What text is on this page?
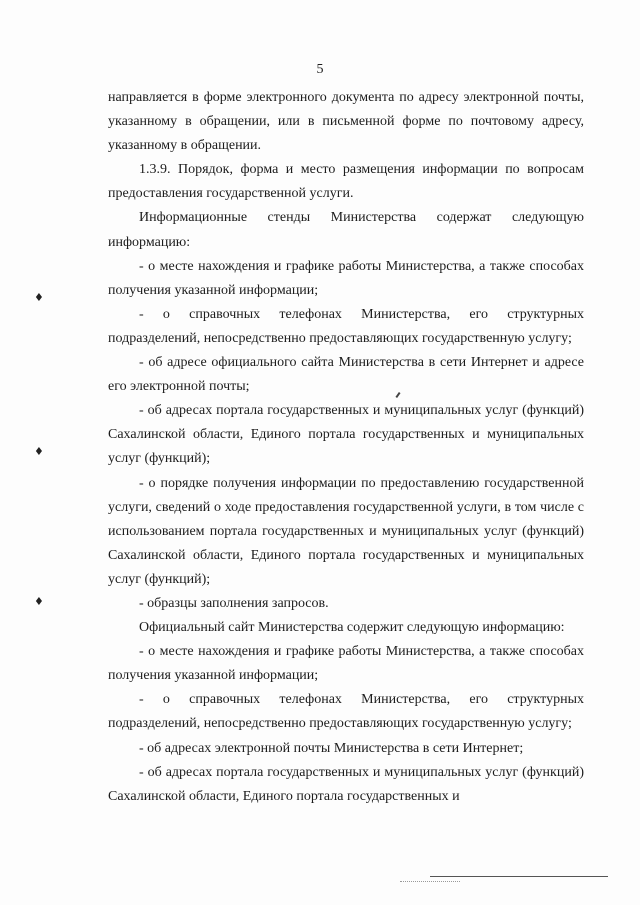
5

направляется в форме электронного документа по адресу электронной почты, указанному в обращении, или в письменной форме по почтовому адресу, указанному в обращении.

1.3.9. Порядок, форма и место размещения информации по вопросам предоставления государственной услуги.

Информационные стенды Министерства содержат следующую информацию:

- о месте нахождения и графике работы Министерства, а также способах получения указанной информации;

- о справочных телефонах Министерства, его структурных подразделений, непосредственно предоставляющих государственную услугу;

- об адресе официального сайта Министерства в сети Интернет и адресе его электронной почты;

- об адресах портала государственных и муниципальных услуг (функций) Сахалинской области, Единого портала государственных и муниципальных услуг (функций);

- о порядке получения информации по предоставлению государственной услуги, сведений о ходе предоставления государственной услуги, в том числе с использованием портала государственных и муниципальных услуг (функций) Сахалинской области, Единого портала государственных и муниципальных услуг (функций);

- образцы заполнения запросов.

Официальный сайт Министерства содержит следующую информацию:

- о месте нахождения и графике работы Министерства, а также способах получения указанной информации;

- о справочных телефонах Министерства, его структурных подразделений, непосредственно предоставляющих государственную услугу;

- об адресах электронной почты Министерства в сети Интернет;

- об адресах портала государственных и муниципальных услуг (функций) Сахалинской области, Единого портала государственных и

♦
♦
♦
